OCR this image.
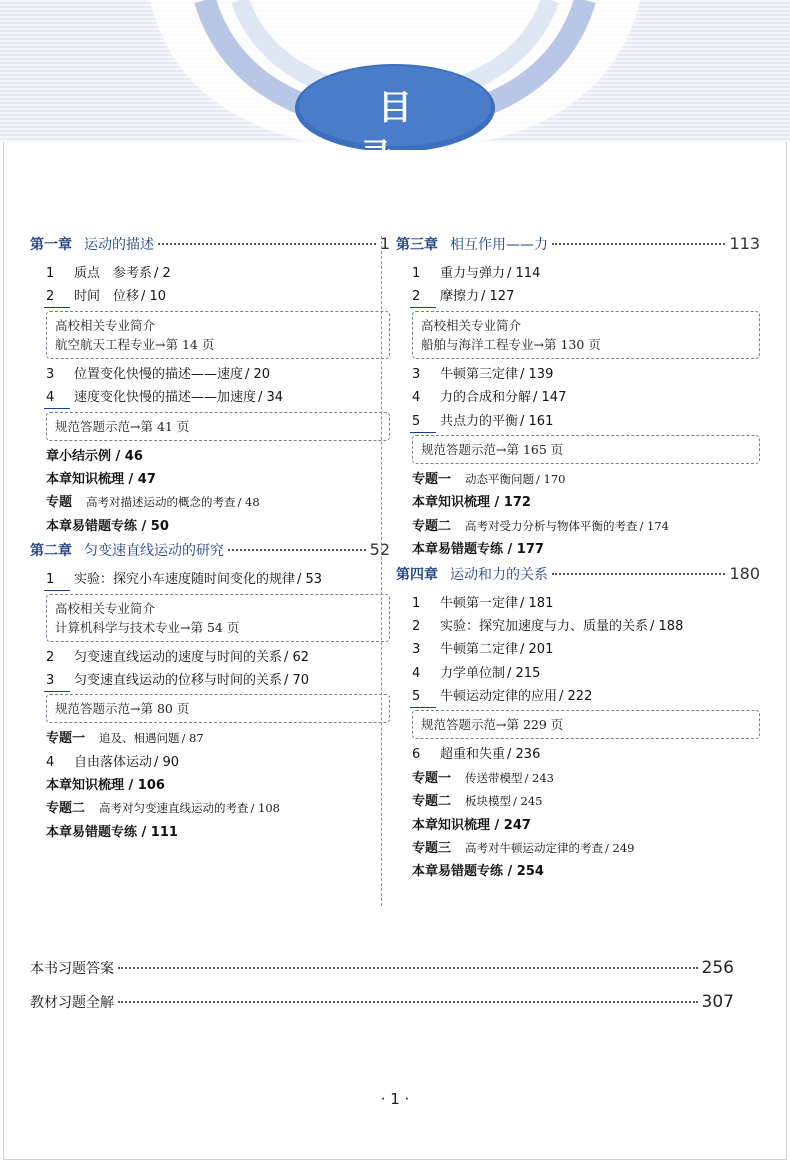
目 录
第一章 运动的描述	1
1	质点　参考系 / 2
2	时间　位移 / 10
高校相关专业简介
航空航天工程专业→第 14 页
3	位置变化快慢的描述——速度 / 20
4	速度变化快慢的描述——加速度 / 34
规范答题示范→第 41 页
章小结示例 / 46
本章知识梳理 / 47
专题 高考对描述运动的概念的考查 / 48
本章易错题专练 / 50
第二章 匀变速直线运动的研究	52
1	实验：探究小车速度随时间变化的规律 / 53
高校相关专业简介
计算机科学与技术专业→第 54 页
2	匀变速直线运动的速度与时间的关系 / 62
3	匀变速直线运动的位移与时间的关系 / 70
规范答题示范→第 80 页
专题一 追及、相遇问题 / 87
4	自由落体运动 / 90
本章知识梳理 / 106
专题二 高考对匀变速直线运动的考查 / 108
本章易错题专练 / 111
第三章 相互作用——力	113
1	重力与弹力 / 114
2	摩擦力 / 127
高校相关专业简介
船舶与海洋工程专业→第 130 页
3	牛顿第三定律 / 139
4	力的合成和分解 / 147
5	共点力的平衡 / 161
规范答题示范→第 165 页
专题一 动态平衡问题 / 170
本章知识梳理 / 172
专题二 高考对受力分析与物体平衡的考查 / 174
本章易错题专练 / 177
第四章 运动和力的关系	180
1	牛顿第一定律 / 181
2	实验：探究加速度与力、质量的关系 / 188
3	牛顿第二定律 / 201
4	力学单位制 / 215
5	牛顿运动定律的应用 / 222
规范答题示范→第 229 页
6	超重和失重 / 236
专题一 传送带模型 / 243
专题二 板块模型 / 245
本章知识梳理 / 247
专题三 高考对牛顿运动定律的考查 / 249
本章易错题专练 / 254
本书习题答案	256
教材习题全解	307
· 1 ·
